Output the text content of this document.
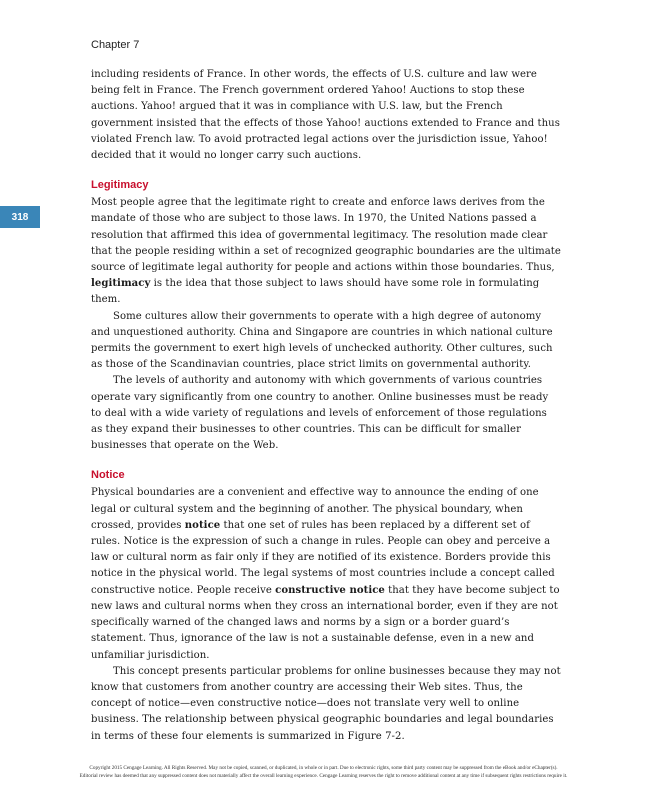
Chapter 7
318

including residents of France. In other words, the effects of U.S. culture and law were being felt in France. The French government ordered Yahoo! Auctions to stop these auctions. Yahoo! argued that it was in compliance with U.S. law, but the French government insisted that the effects of those Yahoo! auctions extended to France and thus violated French law. To avoid protracted legal actions over the jurisdiction issue, Yahoo! decided that it would no longer carry such auctions.

Legitimacy

Most people agree that the legitimate right to create and enforce laws derives from the mandate of those who are subject to those laws. In 1970, the United Nations passed a resolution that affirmed this idea of governmental legitimacy. The resolution made clear that the people residing within a set of recognized geographic boundaries are the ultimate source of legitimate legal authority for people and actions within those boundaries. Thus, legitimacy is the idea that those subject to laws should have some role in formulating them.

Some cultures allow their governments to operate with a high degree of autonomy and unquestioned authority. China and Singapore are countries in which national culture permits the government to exert high levels of unchecked authority. Other cultures, such as those of the Scandinavian countries, place strict limits on governmental authority.

The levels of authority and autonomy with which governments of various countries operate vary significantly from one country to another. Online businesses must be ready to deal with a wide variety of regulations and levels of enforcement of those regulations as they expand their businesses to other countries. This can be difficult for smaller businesses that operate on the Web.

Notice

Physical boundaries are a convenient and effective way to announce the ending of one legal or cultural system and the beginning of another. The physical boundary, when crossed, provides notice that one set of rules has been replaced by a different set of rules. Notice is the expression of such a change in rules. People can obey and perceive a law or cultural norm as fair only if they are notified of its existence. Borders provide this notice in the physical world. The legal systems of most countries include a concept called constructive notice. People receive constructive notice that they have become subject to new laws and cultural norms when they cross an international border, even if they are not specifically warned of the changed laws and norms by a sign or a border guard’s statement. Thus, ignorance of the law is not a sustainable defense, even in a new and unfamiliar jurisdiction.

This concept presents particular problems for online businesses because they may not know that customers from another country are accessing their Web sites. Thus, the concept of notice—even constructive notice—does not translate very well to online business. The relationship between physical geographic boundaries and legal boundaries in terms of these four elements is summarized in Figure 7-2.

Copyright 2015 Cengage Learning. All Rights Reserved. May not be copied, scanned, or duplicated, in whole or in part. Due to electronic rights, some third party content may be suppressed from the eBook and/or eChapter(s).
Editorial review has deemed that any suppressed content does not materially affect the overall learning experience. Cengage Learning reserves the right to remove additional content at any time if subsequent rights restrictions require it.
